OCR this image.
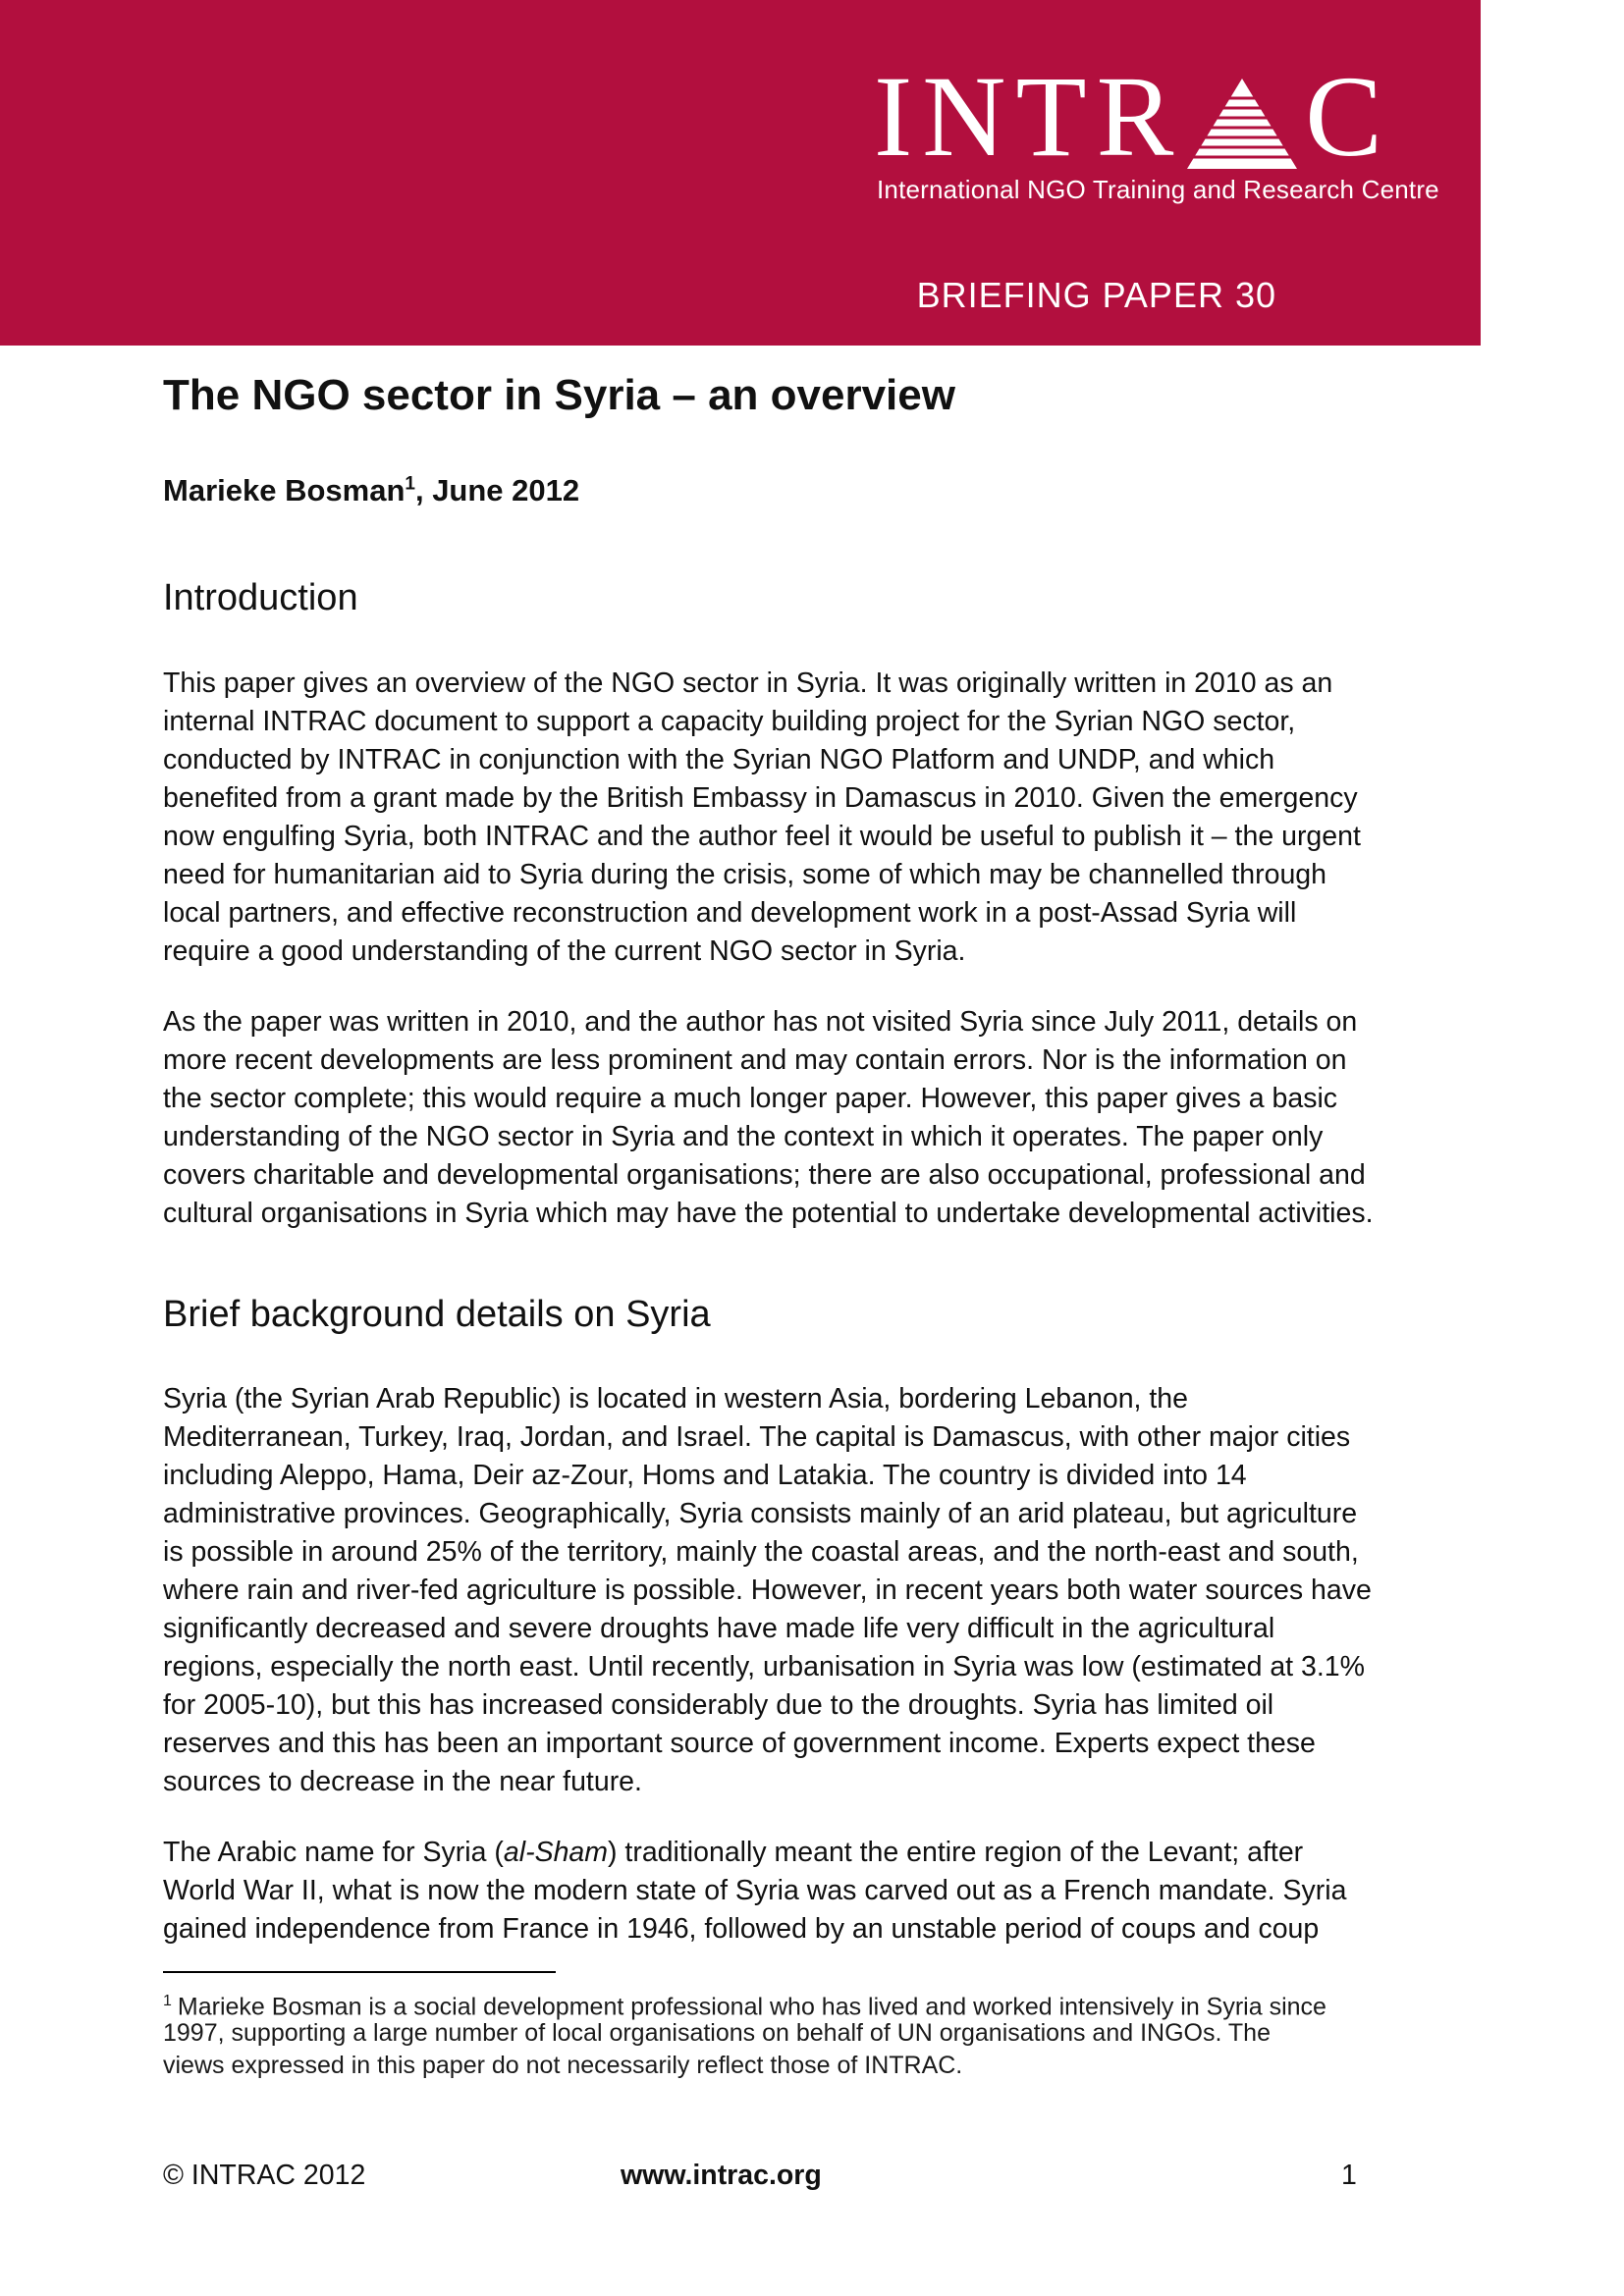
INTR C
International NGO Training and Research Centre
BRIEFING PAPER 30
The NGO sector in Syria – an overview

Marieke Bosman$^1$, June 2012

Introduction
This paper gives an overview of the NGO sector in Syria. It was originally written in 2010 as an
internal INTRAC document to support a capacity building project for the Syrian NGO sector,
conducted by INTRAC in conjunction with the Syrian NGO Platform and UNDP, and which
benefited from a grant made by the British Embassy in Damascus in 2010. Given the emergency
now engulfing Syria, both INTRAC and the author feel it would be useful to publish it – the urgent
need for humanitarian aid to Syria during the crisis, some of which may be channelled through
local partners, and effective reconstruction and development work in a post-Assad Syria will
require a good understanding of the current NGO sector in Syria.
As the paper was written in 2010, and the author has not visited Syria since July 2011, details on
more recent developments are less prominent and may contain errors. Nor is the information on
the sector complete; this would require a much longer paper. However, this paper gives a basic
understanding of the NGO sector in Syria and the context in which it operates. The paper only
covers charitable and developmental organisations; there are also occupational, professional and
cultural organisations in Syria which may have the potential to undertake developmental activities.
Brief background details on Syria
Syria (the Syrian Arab Republic) is located in western Asia, bordering Lebanon, the
Mediterranean, Turkey, Iraq, Jordan, and Israel. The capital is Damascus, with other major cities
including Aleppo, Hama, Deir az-Zour, Homs and Latakia. The country is divided into 14
administrative provinces. Geographically, Syria consists mainly of an arid plateau, but agriculture
is possible in around 25% of the territory, mainly the coastal areas, and the north-east and south,
where rain and river-fed agriculture is possible. However, in recent years both water sources have
significantly decreased and severe droughts have made life very difficult in the agricultural
regions, especially the north east. Until recently, urbanisation in Syria was low (estimated at 3.1%
for 2005-10), but this has increased considerably due to the droughts. Syria has limited oil
reserves and this has been an important source of government income. Experts expect these
sources to decrease in the near future.
The Arabic name for Syria (al-Sham) traditionally meant the entire region of the Levant; after
World War II, what is now the modern state of Syria was carved out as a French mandate. Syria
gained independence from France in 1946, followed by an unstable period of coups and coup
$^1$ Marieke Bosman is a social development professional who has lived and worked intensively in Syria since
1997, supporting a large number of local organisations on behalf of UN organisations and INGOs. The
views expressed in this paper do not necessarily reflect those of INTRAC.
© INTRAC 2012	www.intrac.org	1
